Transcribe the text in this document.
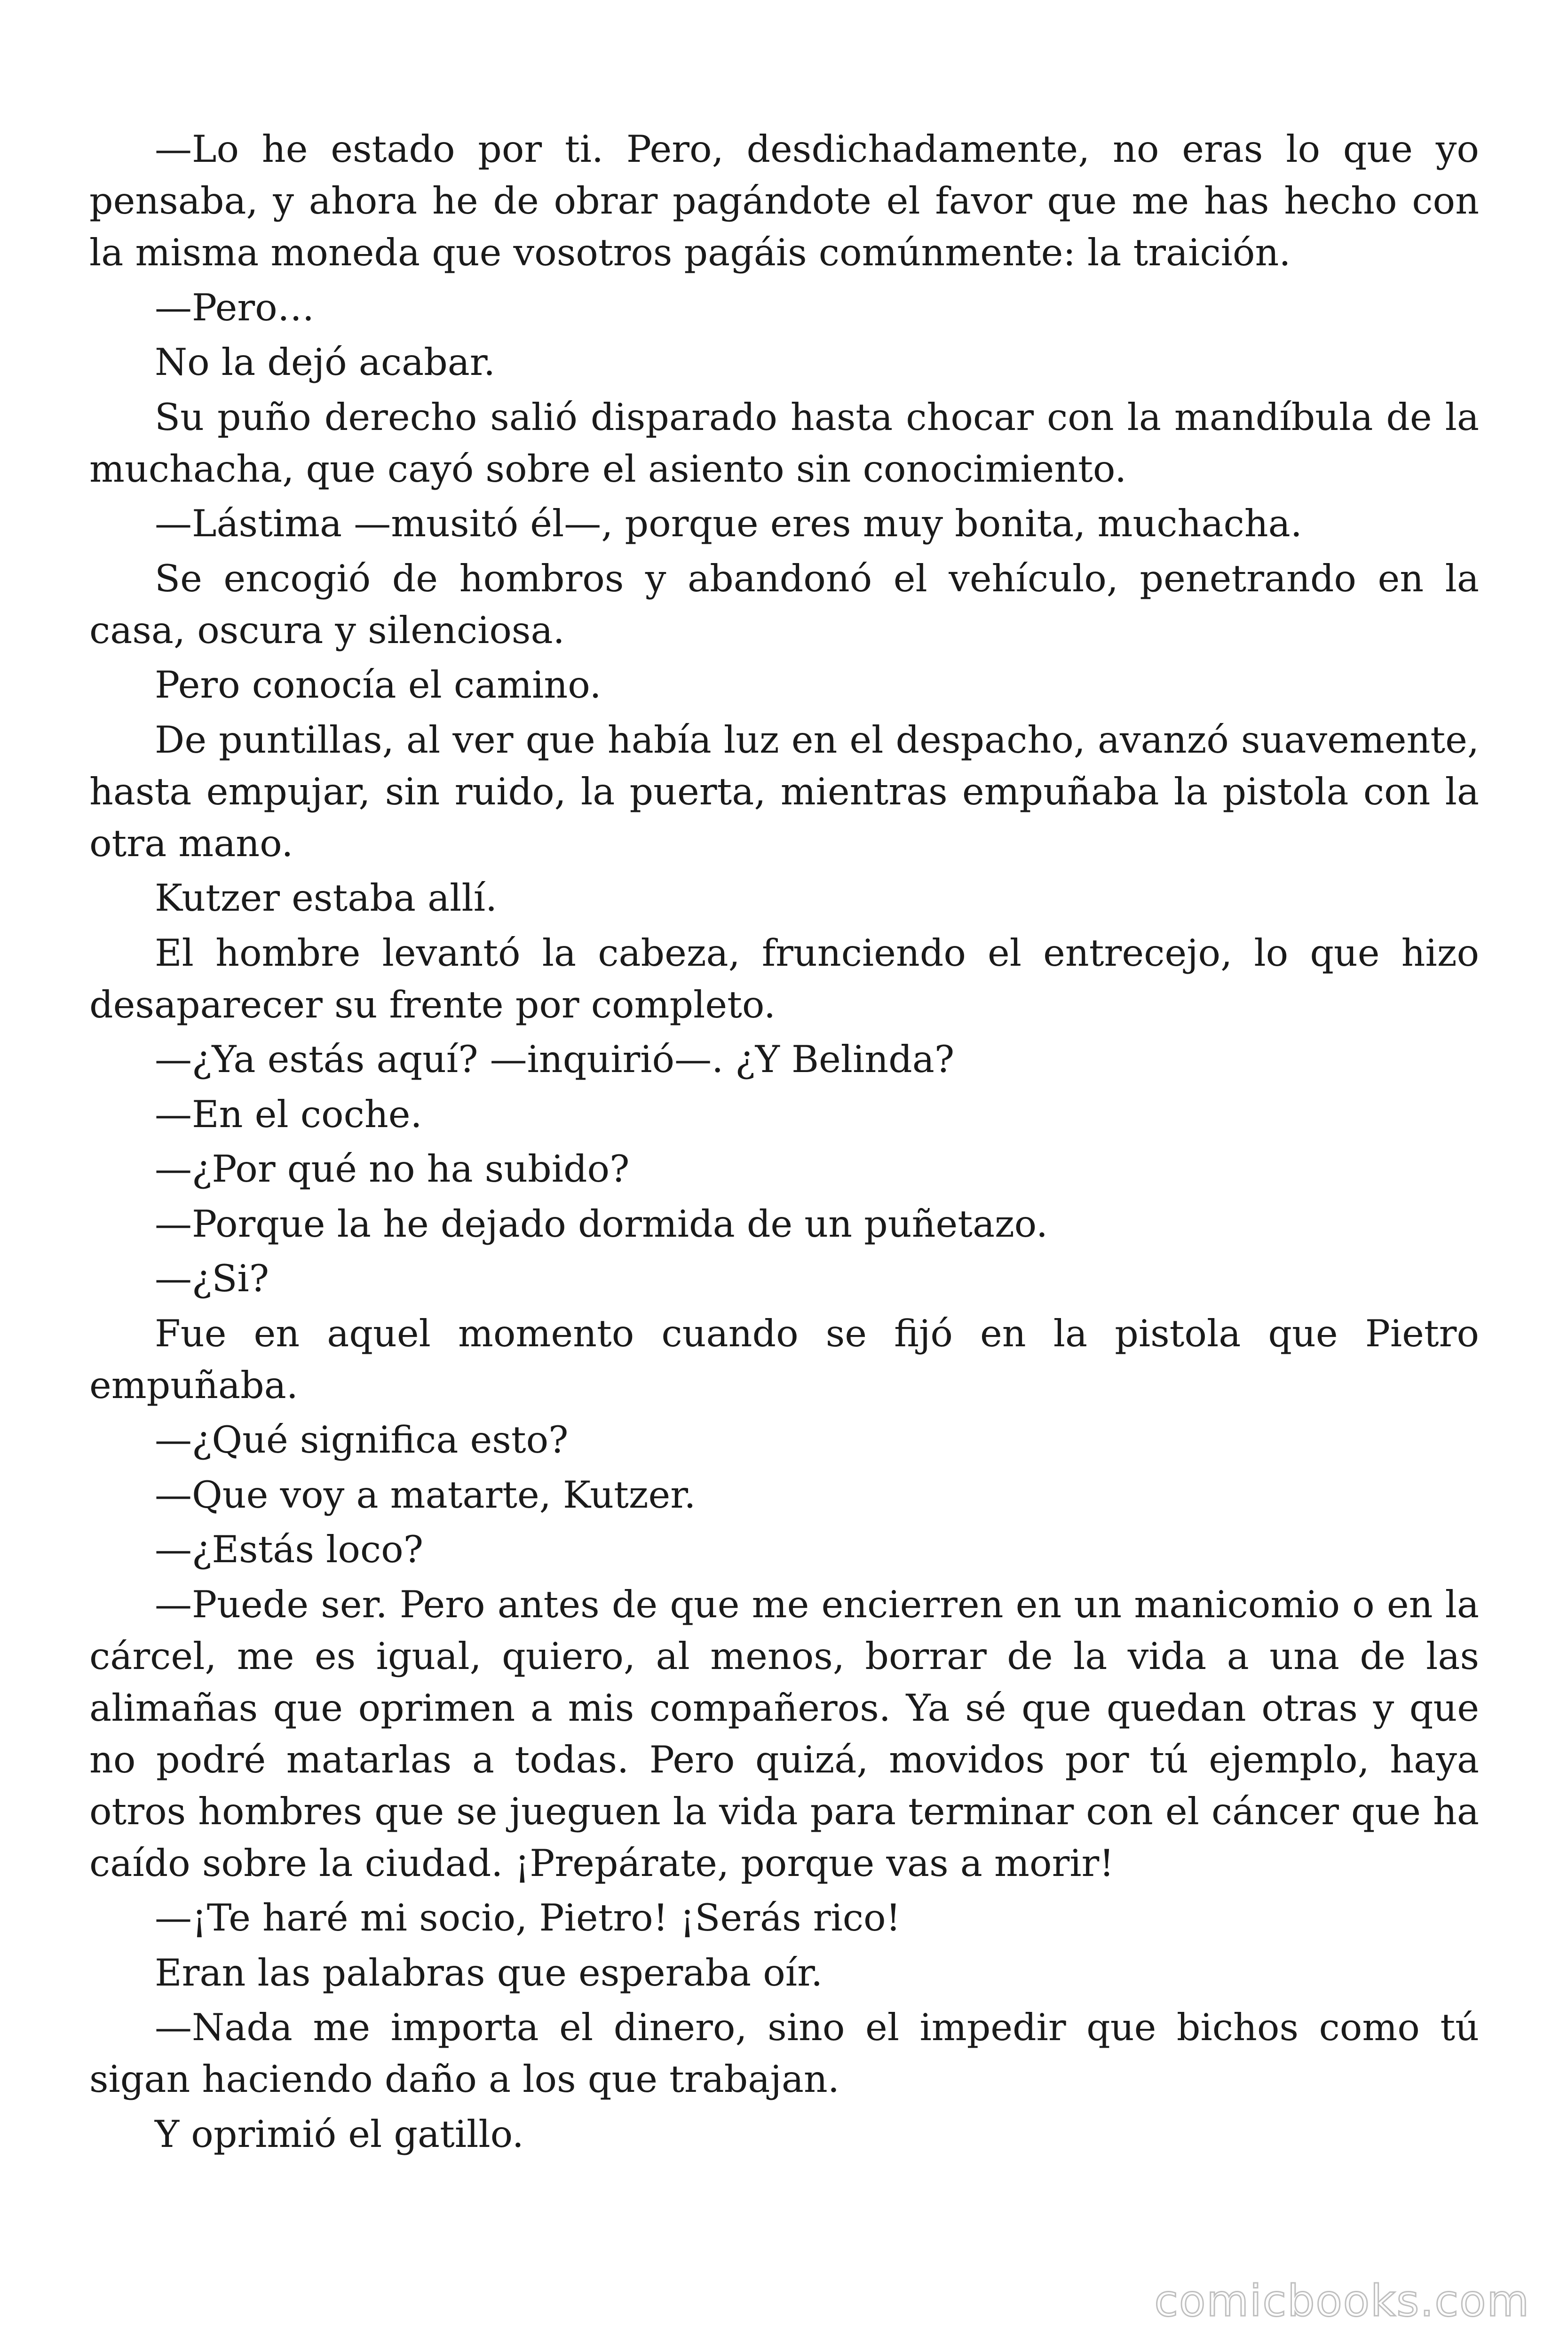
—Lo he estado por ti. Pero, desdichadamente, no eras lo que yo pensaba, y ahora he de obrar pagándote el favor que me has hecho con la misma moneda que vosotros pagáis comúnmente: la traición.

—Pero…

No la dejó acabar.

Su puño derecho salió disparado hasta chocar con la mandíbula de la muchacha, que cayó sobre el asiento sin conocimiento.

—Lástima —musitó él—, porque eres muy bonita, muchacha.

Se encogió de hombros y abandonó el vehículo, penetrando en la casa, oscura y silenciosa.

Pero conocía el camino.

De puntillas, al ver que había luz en el despacho, avanzó suavemente, hasta empujar, sin ruido, la puerta, mientras empuñaba la pistola con la otra mano.

Kutzer estaba allí.

El hombre levantó la cabeza, frunciendo el entrecejo, lo que hizo desaparecer su frente por completo.

—¿Ya estás aquí? —inquirió—. ¿Y Belinda?

—En el coche.

—¿Por qué no ha subido?

—Porque la he dejado dormida de un puñetazo.

—¿Si?

Fue en aquel momento cuando se fijó en la pistola que Pietro empuñaba.

—¿Qué significa esto?

—Que voy a matarte, Kutzer.

—¿Estás loco?

—Puede ser. Pero antes de que me encierren en un manicomio o en la cárcel, me es igual, quiero, al menos, borrar de la vida a una de las alimañas que oprimen a mis compañeros. Ya sé que quedan otras y que no podré matarlas a todas. Pero quizá, movidos por tú ejemplo, haya otros hombres que se jueguen la vida para terminar con el cáncer que ha caído sobre la ciudad. ¡Prepárate, porque vas a morir!

—¡Te haré mi socio, Pietro! ¡Serás rico!

Eran las palabras que esperaba oír.

—Nada me importa el dinero, sino el impedir que bichos como tú sigan haciendo daño a los que trabajan.

Y oprimió el gatillo.

comicbooks.com
